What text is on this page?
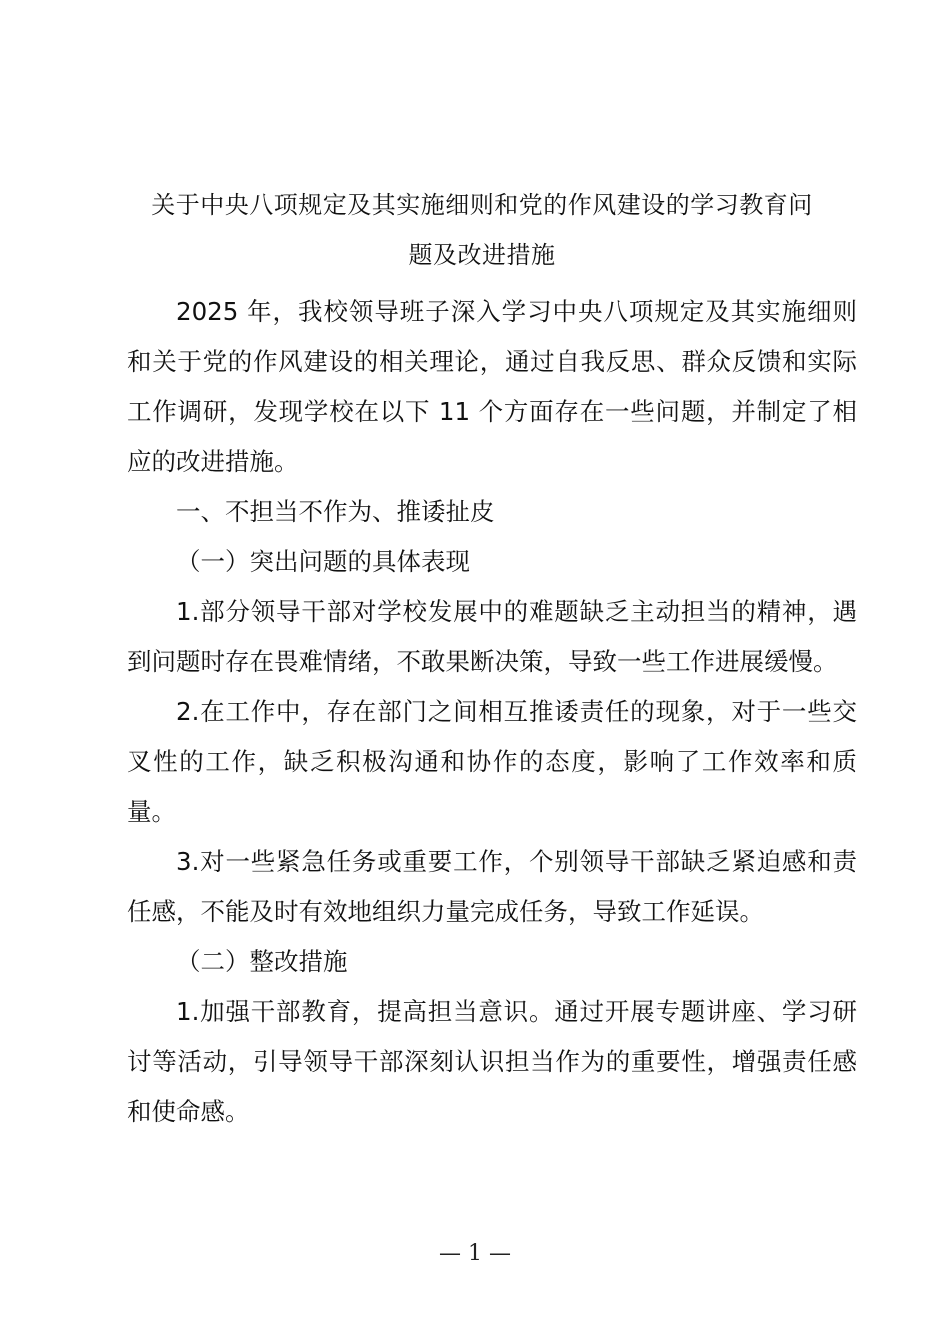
关于中央八项规定及其实施细则和党的作风建设的学习教育问
题及改进措施

2025 年，我校领导班子深入学习中央八项规定及其实施细则和关于党的作风建设的相关理论，通过自我反思、群众反馈和实际工作调研，发现学校在以下 11 个方面存在一些问题，并制定了相应的改进措施。

一、不担当不作为、推诿扯皮

（一）突出问题的具体表现

1.部分领导干部对学校发展中的难题缺乏主动担当的精神，遇到问题时存在畏难情绪，不敢果断决策，导致一些工作进展缓慢。

2.在工作中，存在部门之间相互推诿责任的现象，对于一些交叉性的工作，缺乏积极沟通和协作的态度，影响了工作效率和质量。

3.对一些紧急任务或重要工作，个别领导干部缺乏紧迫感和责任感，不能及时有效地组织力量完成任务，导致工作延误。

（二）整改措施

1.加强干部教育，提高担当意识。通过开展专题讲座、学习研讨等活动，引导领导干部深刻认识担当作为的重要性，增强责任感和使命感。

— 1 —
